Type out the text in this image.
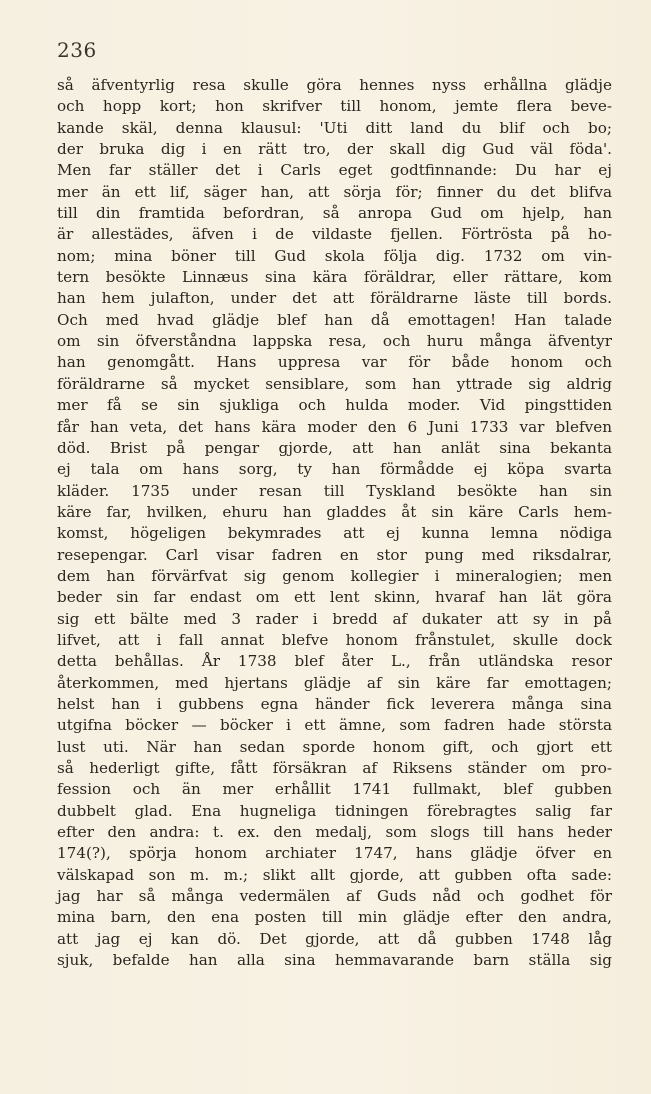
236
så äfventyrlig resa skulle göra hennes nyss erhållna glädje
och hopp kort; hon skrifver till honom, jemte flera beve-
kande skäl, denna klausul: 'Uti ditt land du blif och bo;
der bruka dig i en rätt tro, der skall dig Gud väl föda'.
Men far ställer det i Carls eget godtfinnande: Du har ej
mer än ett lif, säger han, att sörja för; finner du det blifva
till din framtida befordran, så anropa Gud om hjelp, han
är allestädes, äfven i de vildaste fjellen. Förtrösta på ho-
nom; mina böner till Gud skola följa dig. 1732 om vin-
tern besökte Linnæus sina kära föräldrar, eller rättare, kom
han hem julafton, under det att föräldrarne läste till bords.
Och med hvad glädje blef han då emottagen! Han talade
om sin öfverståndna lappska resa, och huru många äfventyr
han genomgått. Hans uppresa var för både honom och
föräldrarne så mycket sensiblare, som han yttrade sig aldrig
mer få se sin sjukliga och hulda moder. Vid pingsttiden
får han veta, det hans kära moder den 6 Juni 1733 var blefven
död. Brist på pengar gjorde, att han anlät sina bekanta
ej tala om hans sorg, ty han förmådde ej köpa svarta
kläder. 1735 under resan till Tyskland besökte han sin
käre far, hvilken, ehuru han gladdes åt sin käre Carls hem-
komst, högeligen bekymrades att ej kunna lemna nödiga
resepengar. Carl visar fadren en stor pung med riksdalrar,
dem han förvärfvat sig genom kollegier i mineralogien; men
beder sin far endast om ett lent skinn, hvaraf han lät göra
sig ett bälte med 3 rader i bredd af dukater att sy in på
lifvet, att i fall annat blefve honom frånstulet, skulle dock
detta behållas. År 1738 blef åter L., från utländska resor
återkommen, med hjertans glädje af sin käre far emottagen;
helst han i gubbens egna händer fick leverera många sina
utgifna böcker — böcker i ett ämne, som fadren hade största
lust uti. När han sedan sporde honom gift, och gjort ett
så hederligt gifte, fått försäkran af Riksens ständer om pro-
fession och än mer erhållit 1741 fullmakt, blef gubben
dubbelt glad. Ena hugneliga tidningen förebragtes salig far
efter den andra: t. ex. den medalj, som slogs till hans heder
174(?), spörja honom archiater 1747, hans glädje öfver en
välskapad son m. m.; slikt allt gjorde, att gubben ofta sade:
jag har så många vedermälen af Guds nåd och godhet för
mina barn, den ena posten till min glädje efter den andra,
att jag ej kan dö. Det gjorde, att då gubben 1748 låg
sjuk, befalde han alla sina hemmavarande barn ställa sig
